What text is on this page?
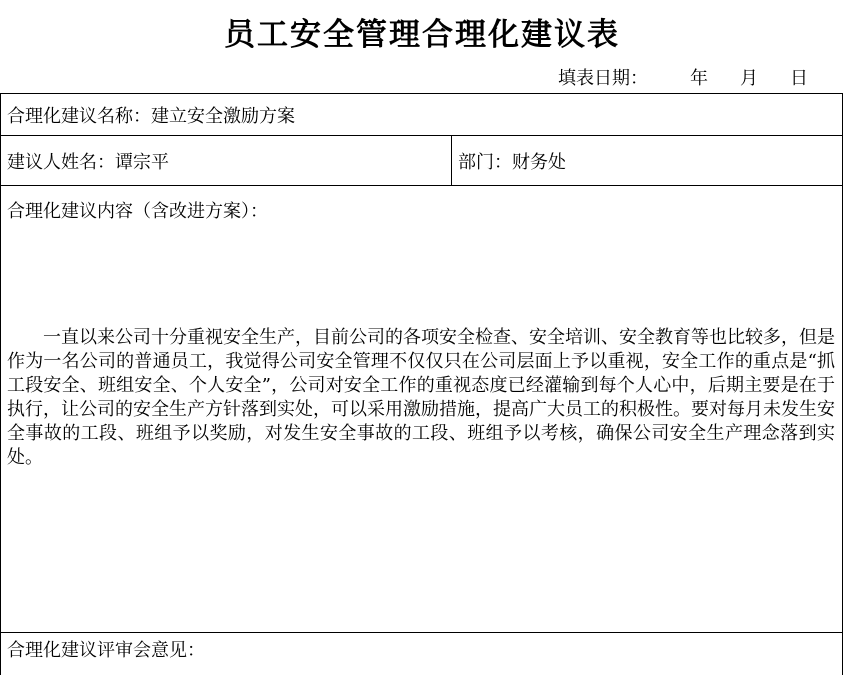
员工安全管理合理化建议表
填表日期： 年 月 日
合理化建议名称：建立安全激励方案
建议人姓名：谭宗平	部门：财务处
合理化建议内容（含改进方案）：
一直以来公司十分重视安全生产，目前公司的各项安全检查、安全培训、安全教育等也比较多，但是作为一名公司的普通员工，我觉得公司安全管理不仅仅只在公司层面上予以重视，安全工作的重点是“抓工段安全、班组安全、个人安全”，公司对安全工作的重视态度已经灌输到每个人心中，后期主要是在于执行，让公司的安全生产方针落到实处，可以采用激励措施，提高广大员工的积极性。要对每月未发生安全事故的工段、班组予以奖励，对发生安全事故的工段、班组予以考核，确保公司安全生产理念落到实处。
合理化建议评审会意见：
